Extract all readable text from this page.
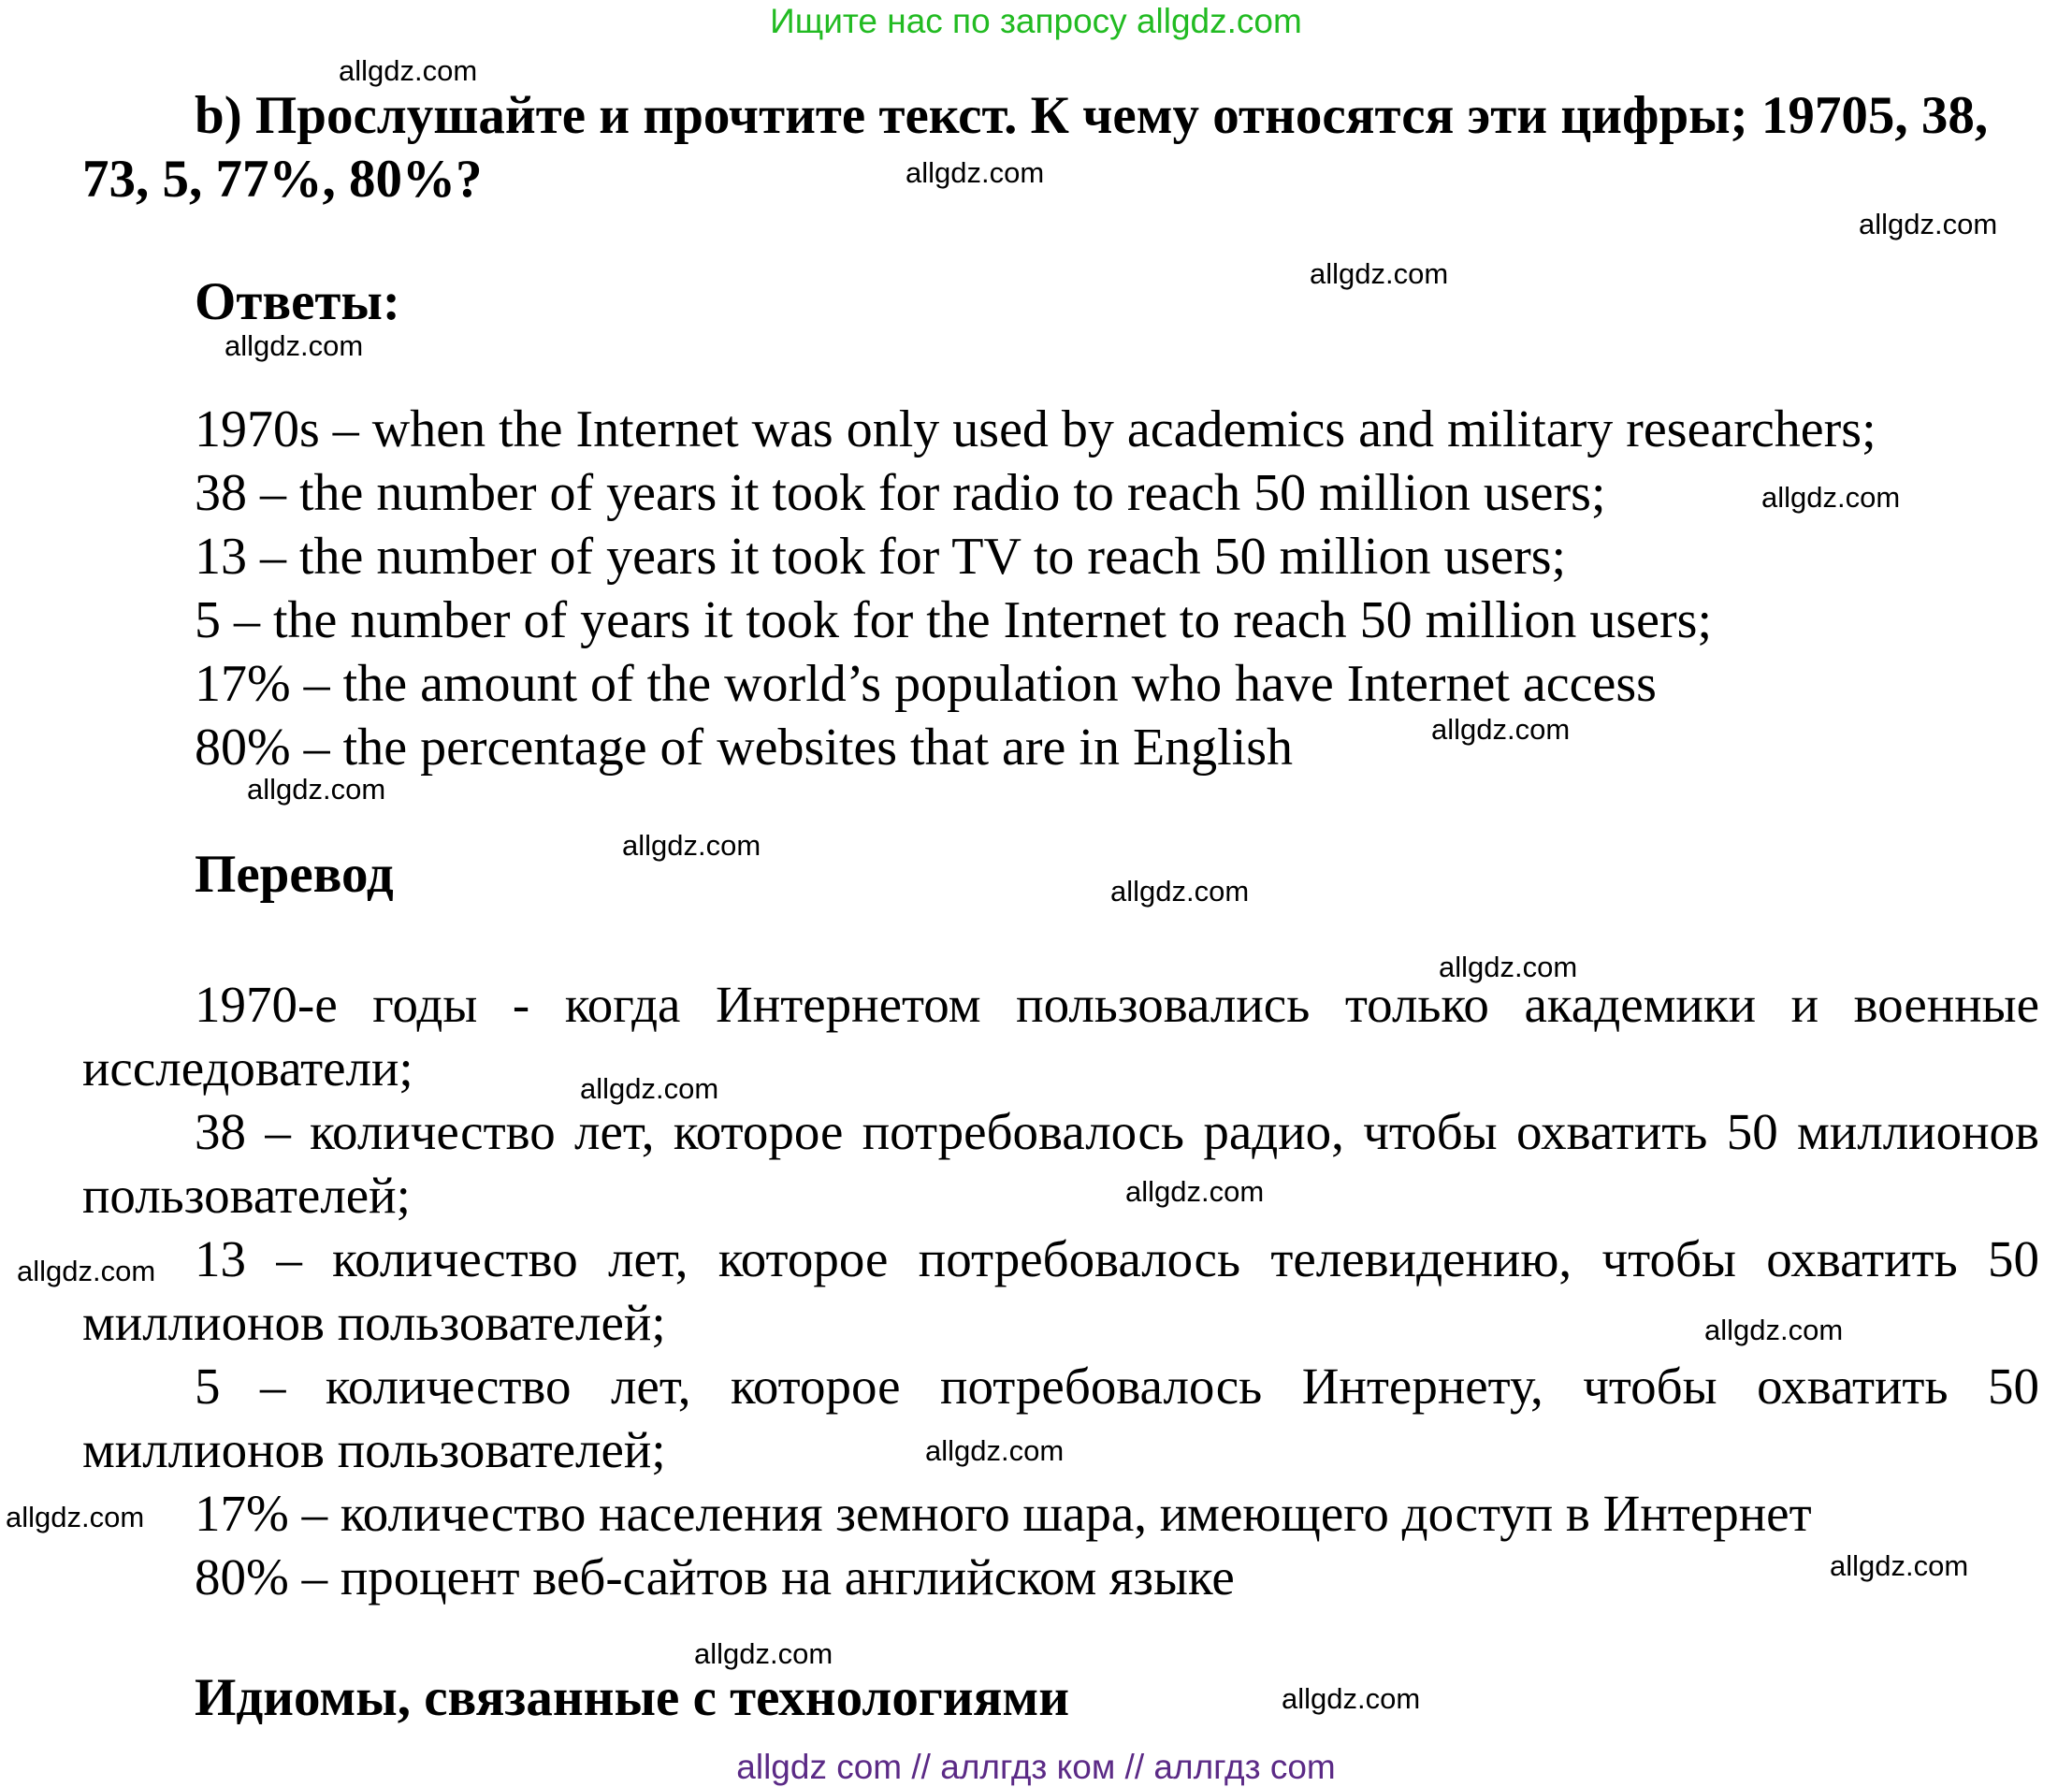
Ищите нас по запросу allgdz.com
b) Прослушайте и прочтите текст. К чему относятся эти цифры; 19705, 38, 73, 5, 77%, 80%?
Ответы:
1970s – when the Internet was only used by academics and military researchers;
38 – the number of years it took for radio to reach 50 million users;
13 – the number of years it took for TV to reach 50 million users;
5 – the number of years it took for the Internet to reach 50 million users;
17% – the amount of the world’s population who have Internet access
80% – the percentage of websites that are in English
Перевод

1970-е годы - когда Интернетом пользовались только академики и военные исследователи;

38 – количество лет, которое потребовалось радио, чтобы охватить 50 миллионов пользователей;

13 – количество лет, которое потребовалось телевидению, чтобы охватить 50 миллионов пользователей;

5 – количество лет, которое потребовалось Интернету, чтобы охватить 50 миллионов пользователей;

17% – количество населения земного шара, имеющего доступ в Интернет

80% – процент веб-сайтов на английском языке

Идиомы, связанные с технологиями
allgdz.com
allgdz.com
allgdz.com
allgdz.com
allgdz.com
allgdz.com
allgdz.com
allgdz.com
allgdz.com
allgdz.com
allgdz.com
allgdz.com
allgdz.com
allgdz.com
allgdz.com
allgdz.com
allgdz.com
allgdz.com
allgdz.com
allgdz.com
allgdz com // аллгдз ком // аллгдз com
